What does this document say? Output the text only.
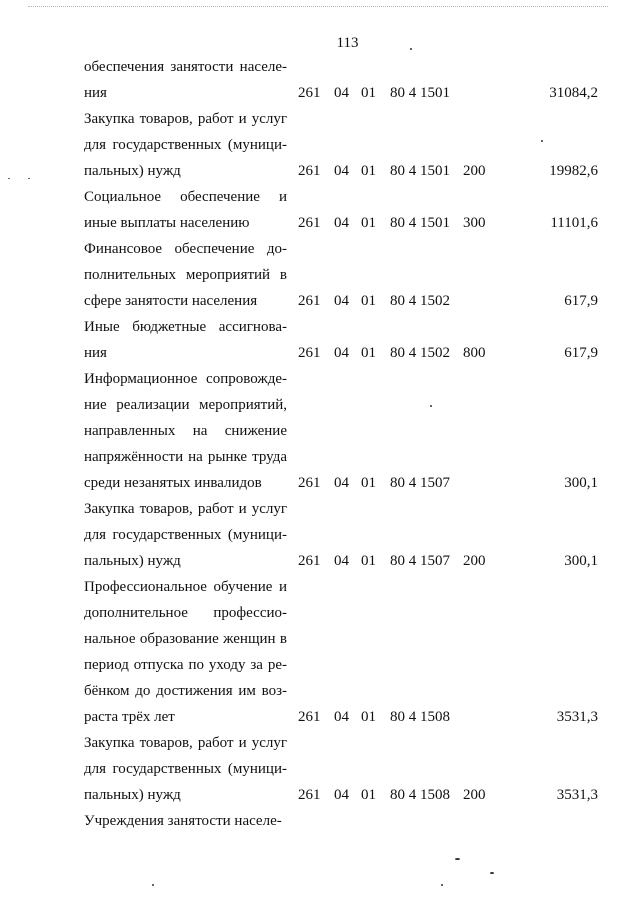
113
обеспечения занятости населе-
ния	261 04 01 80 4 1501	31084,2
Закупка товаров, работ и услуг
для государственных (муници-
пальных) нужд	261 04 01 80 4 1501 200	19982,6
Социальное обеспечение и
иные выплаты населению	261 04 01 80 4 1501 300	11101,6
Финансовое обеспечение до-
полнительных мероприятий в
сфере занятости населения	261 04 01 80 4 1502	617,9
Иные бюджетные ассигнова-
ния	261 04 01 80 4 1502 800	617,9
Информационное сопровожде-
ние реализации мероприятий,
направленных на снижение
напряжённости на рынке труда
среди незанятых инвалидов	261 04 01 80 4 1507	300,1
Закупка товаров, работ и услуг
для государственных (муници-
пальных) нужд	261 04 01 80 4 1507 200	300,1
Профессиональное обучение и
дополнительное профессио-
нальное образование женщин в
период отпуска по уходу за ре-
бёнком до достижения им воз-
раста трёх лет	261 04 01 80 4 1508	3531,3
Закупка товаров, работ и услуг
для государственных (муници-
пальных) нужд	261 04 01 80 4 1508 200	3531,3
Учреждения занятости населе-
